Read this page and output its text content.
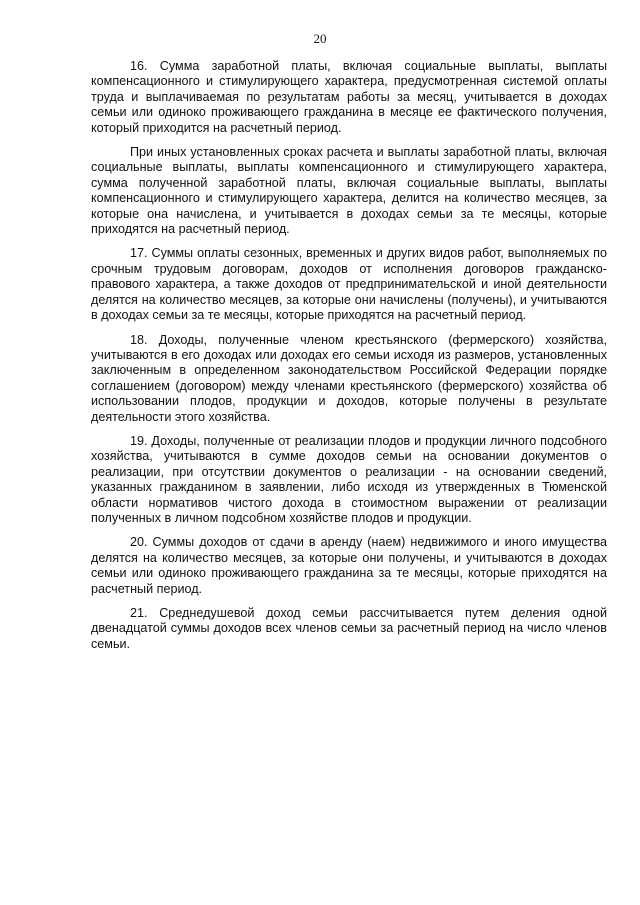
20

16. Сумма заработной платы, включая социальные выплаты, выплаты компенсационного и стимулирующего характера, предусмотренная системой оплаты труда и выплачиваемая по результатам работы за месяц, учитывается в доходах семьи или одиноко проживающего гражданина в месяце ее фактического получения, который приходится на расчетный период.

При иных установленных сроках расчета и выплаты заработной платы, включая социальные выплаты, выплаты компенсационного и стимулирующего характера, сумма полученной заработной платы, включая социальные выплаты, выплаты компенсационного и стимулирующего характера, делится на количество месяцев, за которые она начислена, и учитывается в доходах семьи за те месяцы, которые приходятся на расчетный период.

17. Суммы оплаты сезонных, временных и других видов работ, выполняемых по срочным трудовым договорам, доходов от исполнения договоров гражданско-правового характера, а также доходов от предпринимательской и иной деятельности делятся на количество месяцев, за которые они начислены (получены), и учитываются в доходах семьи за те месяцы, которые приходятся на расчетный период.

18. Доходы, полученные членом крестьянского (фермерского) хозяйства, учитываются в его доходах или доходах его семьи исходя из размеров, установленных заключенным в определенном законодательством Российской Федерации порядке соглашением (договором) между членами крестьянского (фермерского) хозяйства об использовании плодов, продукции и доходов, которые получены в результате деятельности этого хозяйства.

19. Доходы, полученные от реализации плодов и продукции личного подсобного хозяйства, учитываются в сумме доходов семьи на основании документов о реализации, при отсутствии документов о реализации - на основании сведений, указанных гражданином в заявлении, либо исходя из утвержденных в Тюменской области нормативов чистого дохода в стоимостном выражении от реализации полученных в личном подсобном хозяйстве плодов и продукции.

20. Суммы доходов от сдачи в аренду (наем) недвижимого и иного имущества делятся на количество месяцев, за которые они получены, и учитываются в доходах семьи или одиноко проживающего гражданина за те месяцы, которые приходятся на расчетный период.

21. Среднедушевой доход семьи рассчитывается путем деления одной двенадцатой суммы доходов всех членов семьи за расчетный период на число членов семьи.
